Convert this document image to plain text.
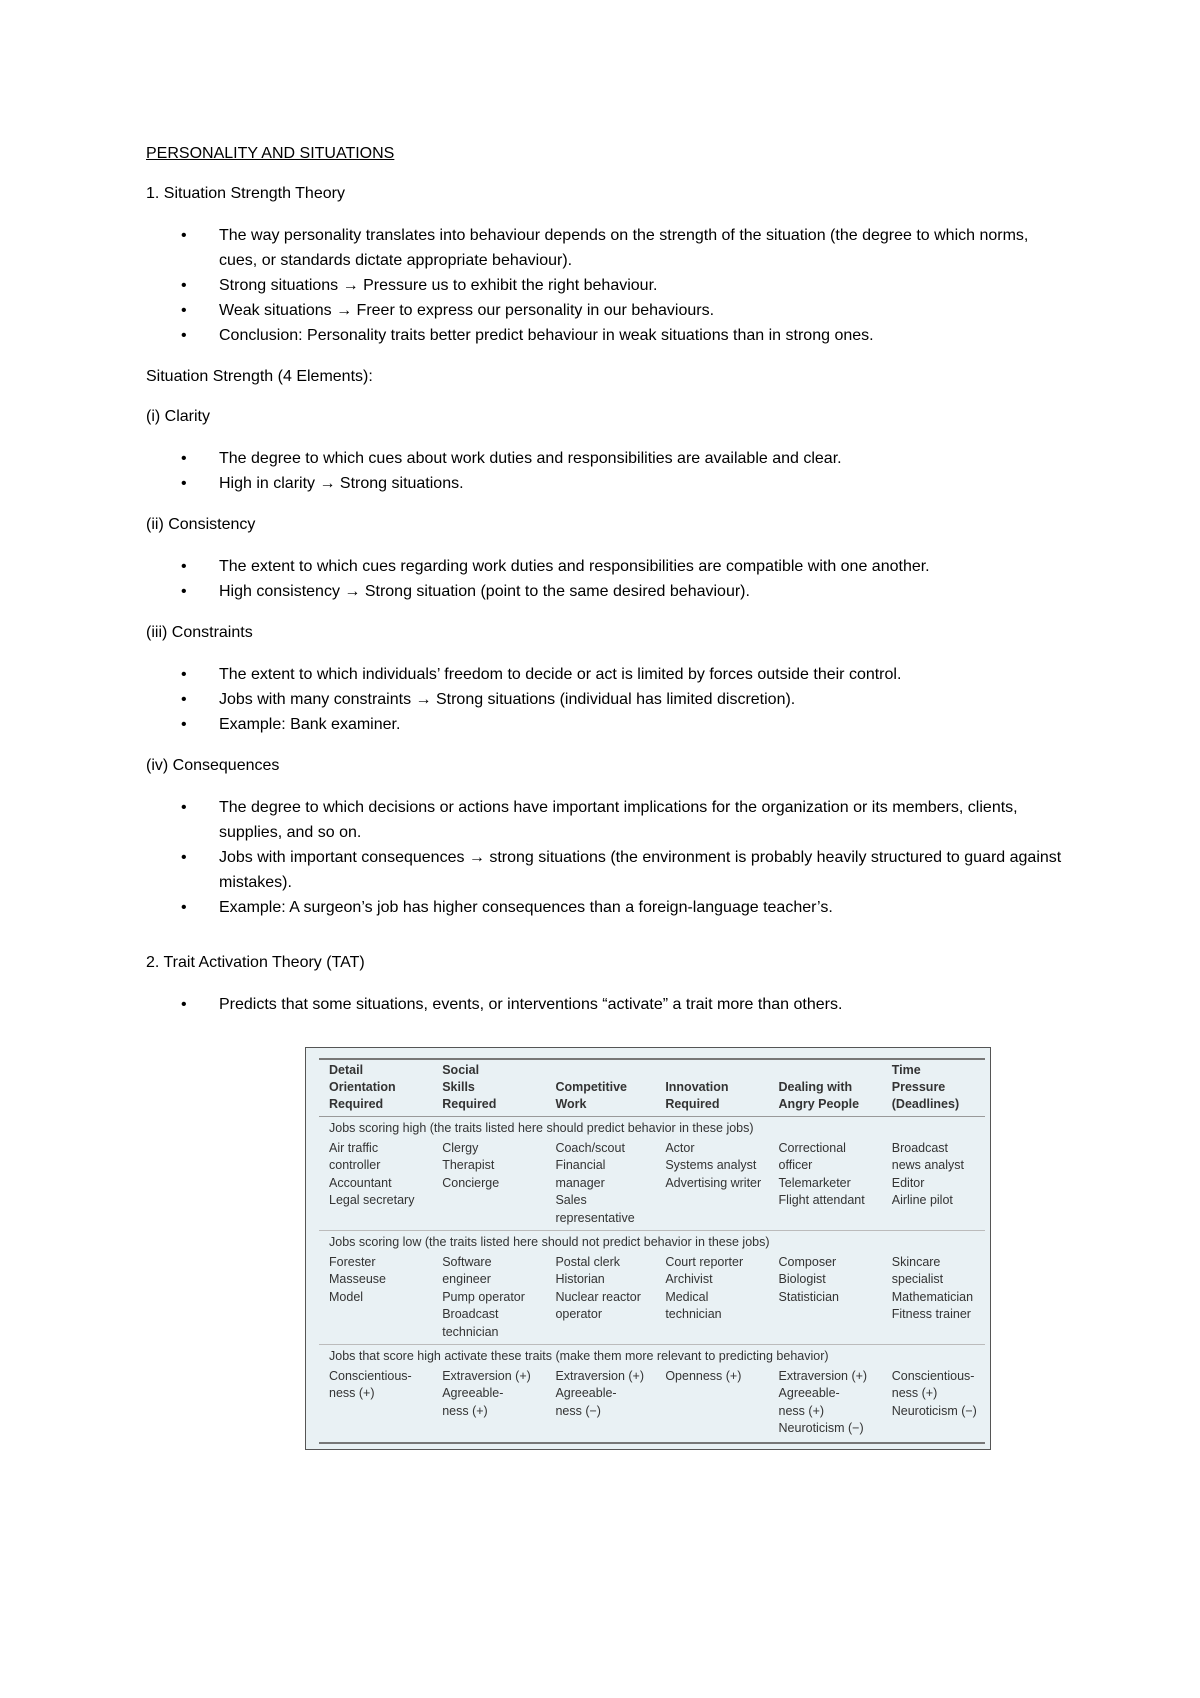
PERSONALITY AND SITUATIONS
1. Situation Strength Theory
• The way personality translates into behaviour depends on the strength of the situation (the degree to which norms, cues, or standards dictate appropriate behaviour).
• Strong situations → Pressure us to exhibit the right behaviour.
• Weak situations → Freer to express our personality in our behaviours.
• Conclusion: Personality traits better predict behaviour in weak situations than in strong ones.
Situation Strength (4 Elements):
(i) Clarity
• The degree to which cues about work duties and responsibilities are available and clear.
• High in clarity → Strong situations.
(ii) Consistency
• The extent to which cues regarding work duties and responsibilities are compatible with one another.
• High consistency → Strong situation (point to the same desired behaviour).
(iii) Constraints
• The extent to which individuals’ freedom to decide or act is limited by forces outside their control.
• Jobs with many constraints → Strong situations (individual has limited discretion).
• Example: Bank examiner.
(iv) Consequences
• The degree to which decisions or actions have important implications for the organization or its members, clients, supplies, and so on.
• Jobs with important consequences → strong situations (the environment is probably heavily structured to guard against mistakes).
• Example: A surgeon’s job has higher consequences than a foreign-language teacher’s.
2. Trait Activation Theory (TAT)
• Predicts that some situations, events, or interventions “activate” a trait more than others.
Detail
Orientation
Required	Social
Skills
Required	Competitive
Work	Innovation
Required	Dealing with
Angry People	Time
Pressure
(Deadlines)

Jobs scoring high (the traits listed here should predict behavior in these jobs)					

Air traffic
controller
Accountant
Legal secretary	Clergy
Therapist
Concierge	Coach/scout
Financial
manager
Sales
representative	Actor
Systems analyst
Advertising writer	Correctional
officer
Telemarketer
Flight attendant	Broadcast
news analyst
Editor
Airline pilot

Jobs scoring low (the traits listed here should not predict behavior in these jobs)					

Forester
Masseuse
Model	Software
engineer
Pump operator
Broadcast
technician	Postal clerk
Historian
Nuclear reactor
operator	Court reporter
Archivist
Medical
technician	Composer
Biologist
Statistician	Skincare
specialist
Mathematician
Fitness trainer

Jobs that score high activate these traits (make them more relevant to predicting behavior)					

Conscientious-
ness (+)	Extraversion (+)
Agreeable-
ness (+)	Extraversion (+)
Agreeable-
ness (−)	Openness (+)	Extraversion (+)
Agreeable-
ness (+)
Neuroticism (−)	Conscientious-
ness (+)
Neuroticism (−)
